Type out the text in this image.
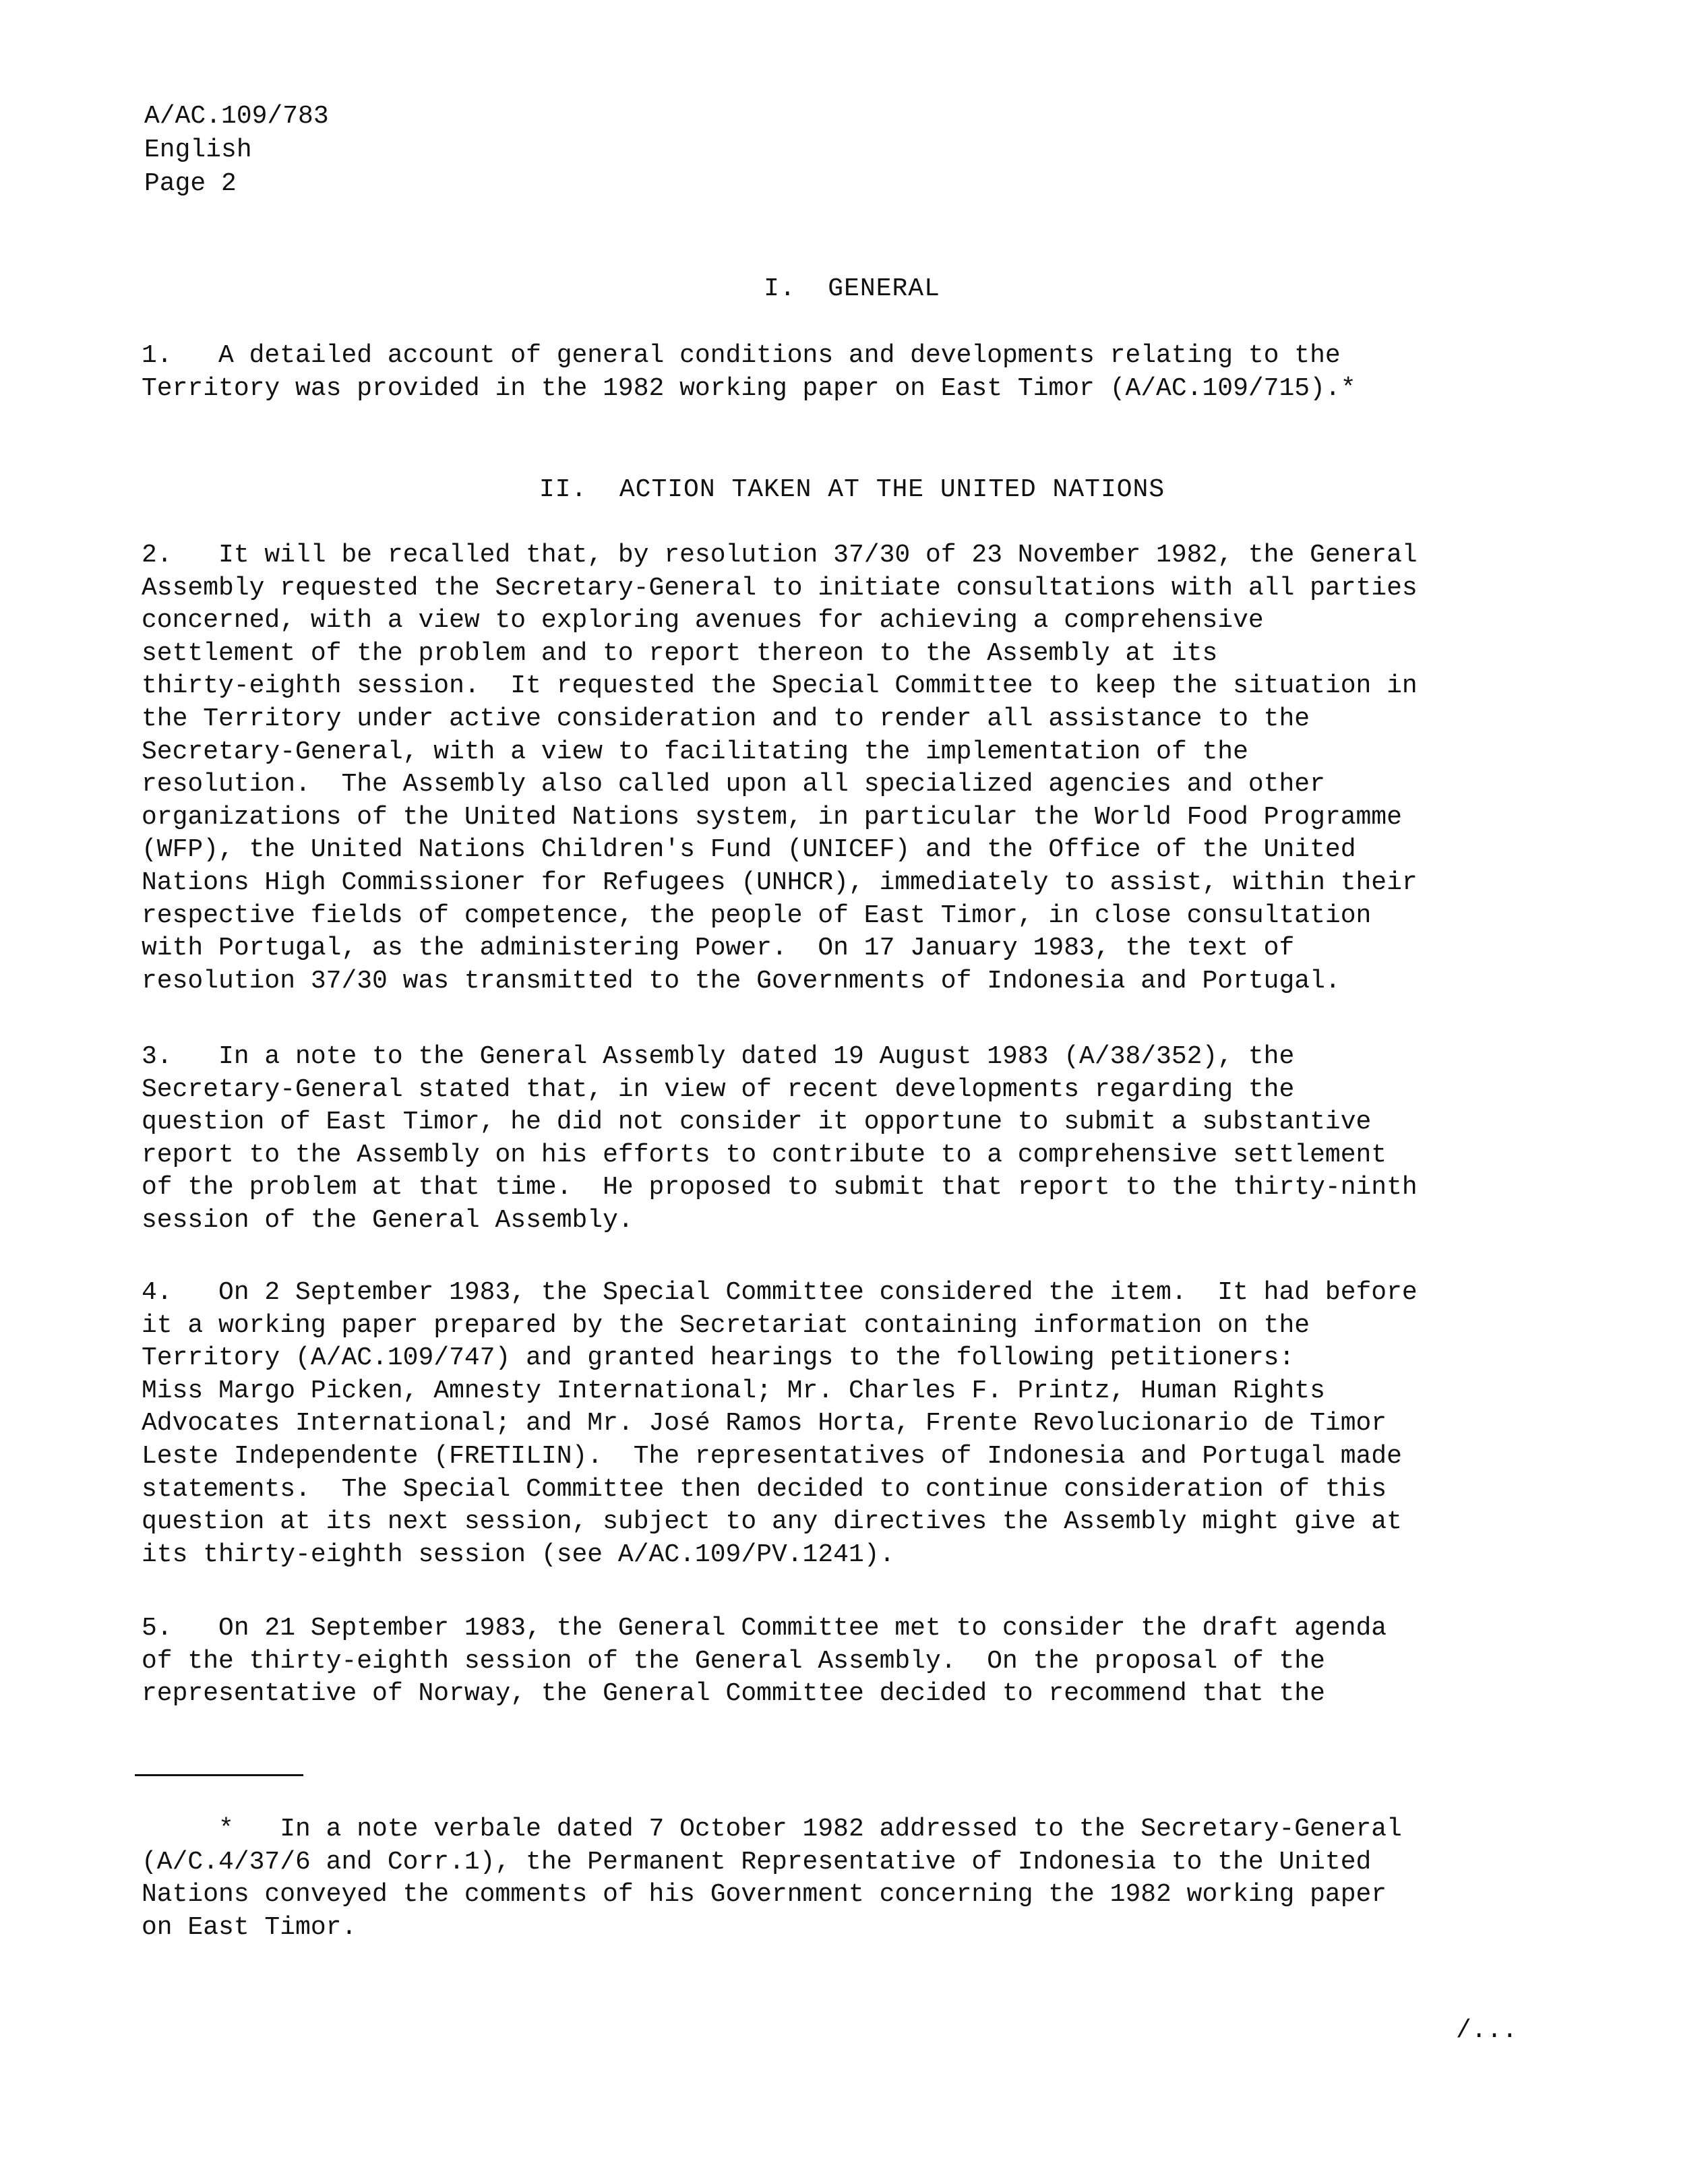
A/AC.109/783
English
Page 2
I.  GENERAL
1.   A detailed account of general conditions and developments relating to the
Territory was provided in the 1982 working paper on East Timor (A/AC.109/715).*
II.  ACTION TAKEN AT THE UNITED NATIONS
2.   It will be recalled that, by resolution 37/30 of 23 November 1982, the General
Assembly requested the Secretary-General to initiate consultations with all parties
concerned, with a view to exploring avenues for achieving a comprehensive
settlement of the problem and to report thereon to the Assembly at its
thirty-eighth session.  It requested the Special Committee to keep the situation in
the Territory under active consideration and to render all assistance to the
Secretary-General, with a view to facilitating the implementation of the
resolution.  The Assembly also called upon all specialized agencies and other
organizations of the United Nations system, in particular the World Food Programme
(WFP), the United Nations Children's Fund (UNICEF) and the Office of the United
Nations High Commissioner for Refugees (UNHCR), immediately to assist, within their
respective fields of competence, the people of East Timor, in close consultation
with Portugal, as the administering Power.  On 17 January 1983, the text of
resolution 37/30 was transmitted to the Governments of Indonesia and Portugal.
3.   In a note to the General Assembly dated 19 August 1983 (A/38/352), the
Secretary-General stated that, in view of recent developments regarding the
question of East Timor, he did not consider it opportune to submit a substantive
report to the Assembly on his efforts to contribute to a comprehensive settlement
of the problem at that time.  He proposed to submit that report to the thirty-ninth
session of the General Assembly.
4.   On 2 September 1983, the Special Committee considered the item.  It had before
it a working paper prepared by the Secretariat containing information on the
Territory (A/AC.109/747) and granted hearings to the following petitioners:
Miss Margo Picken, Amnesty International; Mr. Charles F. Printz, Human Rights
Advocates International; and Mr. José Ramos Horta, Frente Revolucionario de Timor
Leste Independente (FRETILIN).  The representatives of Indonesia and Portugal made
statements.  The Special Committee then decided to continue consideration of this
question at its next session, subject to any directives the Assembly might give at
its thirty-eighth session (see A/AC.109/PV.1241).
5.   On 21 September 1983, the General Committee met to consider the draft agenda
of the thirty-eighth session of the General Assembly.  On the proposal of the
representative of Norway, the General Committee decided to recommend that the
*   In a note verbale dated 7 October 1982 addressed to the Secretary-General
(A/C.4/37/6 and Corr.1), the Permanent Representative of Indonesia to the United
Nations conveyed the comments of his Government concerning the 1982 working paper
on East Timor.
/...
